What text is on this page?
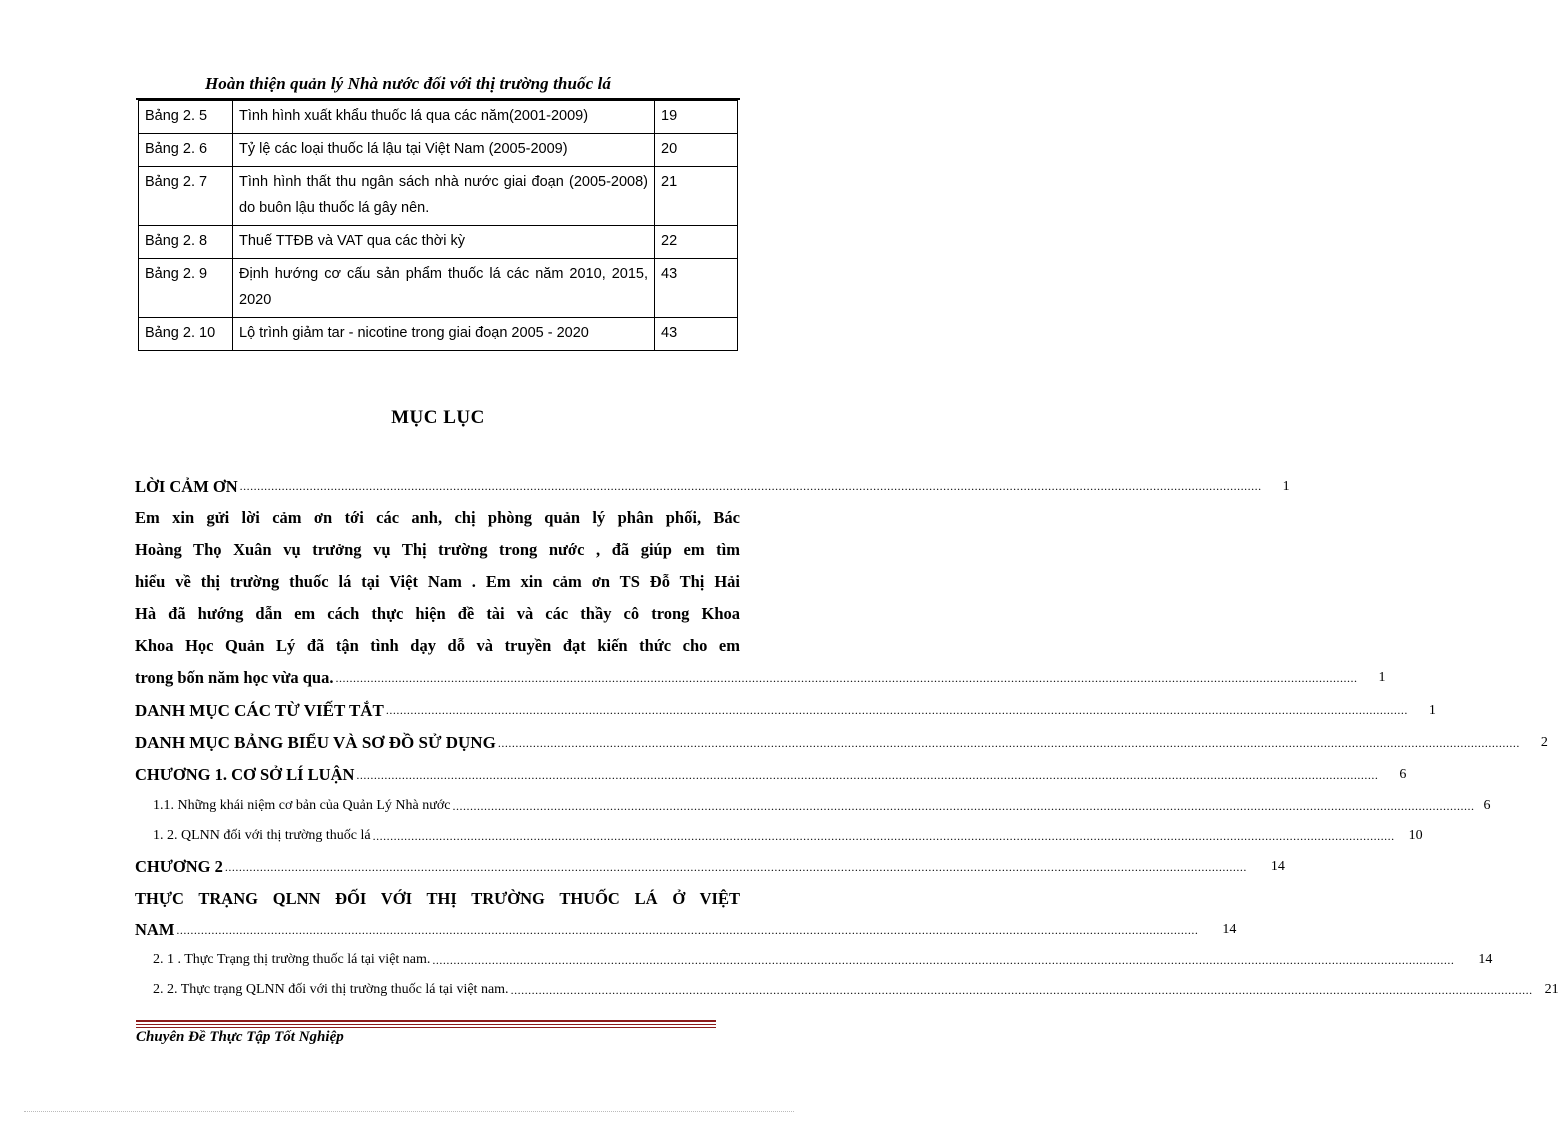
Hoàn thiện quản lý Nhà nước đối với thị trường thuốc lá
Bảng 2. 5	Tình hình xuất khẩu thuốc lá qua các năm(2001-2009)	19
Bảng 2. 6	Tỷ lệ các loại thuốc lá lậu tại Việt Nam (2005-2009)	20
Bảng 2. 7	Tình hình thất thu ngân sách nhà nước giai đoạn (2005-2008) do buôn lậu thuốc lá gây nên.	21
Bảng 2. 8	Thuế TTĐB và VAT qua các thời kỳ	22
Bảng 2. 9	Định hướng cơ cấu sản phẩm thuốc lá các năm 2010, 2015, 2020	43
Bảng 2. 10	Lộ trình giảm tar - nicotine trong giai đoạn 2005 - 2020	43
MỤC LỤC
LỜI CẢM ƠN ....................................................................................................................................................................................................................................................................................................	1
Em xin gửi lời cảm ơn tới các anh, chị phòng quản lý phân phối, Bác
Hoàng Thọ Xuân vụ trưởng vụ Thị trường trong nước , đã giúp em tìm
hiểu về thị trường thuốc lá tại Việt Nam . Em xin cảm ơn TS Đỗ Thị Hải
Hà đã hướng dẫn em cách thực hiện đề tài và các thầy cô trong Khoa
Khoa Học Quản Lý đã tận tình dạy dỗ và truyền đạt kiến thức cho em
trong bốn năm học vừa qua. ....................................................................................................................................................................................................................................................................................................	1
DANH MỤC CÁC TỪ VIẾT TẮT ....................................................................................................................................................................................................................................................................................................	1
DANH MỤC BẢNG BIỂU VÀ SƠ ĐỒ SỬ DỤNG ....................................................................................................................................................................................................................................................................................................	2
CHƯƠNG 1. CƠ SỞ LÍ LUẬN ....................................................................................................................................................................................................................................................................................................	6
1.1. Những khái niệm cơ bản của Quản Lý Nhà nước .................................................................................................................................................................................................................................................................................................... 6
1. 2. QLNN đối với thị trường thuốc lá ....................................................................................................................................................................................................................................................................................................	10
CHƯƠNG 2 ....................................................................................................................................................................................................................................................................................................	14
THỰC TRẠNG QLNN ĐỐI VỚI THỊ TRƯỜNG THUỐC LÁ Ở VIỆT
NAM ....................................................................................................................................................................................................................................................................................................	14
2. 1 . Thực Trạng thị trường thuốc lá tại việt nam. ....................................................................................................................................................................................................................................................................................................	14
2. 2. Thực trạng QLNN đối với thị trường thuốc lá tại việt nam. .................................................................................................................................................................................................................................................................................................... 21
Chuyên Đề Thực Tập Tốt Nghiệp
